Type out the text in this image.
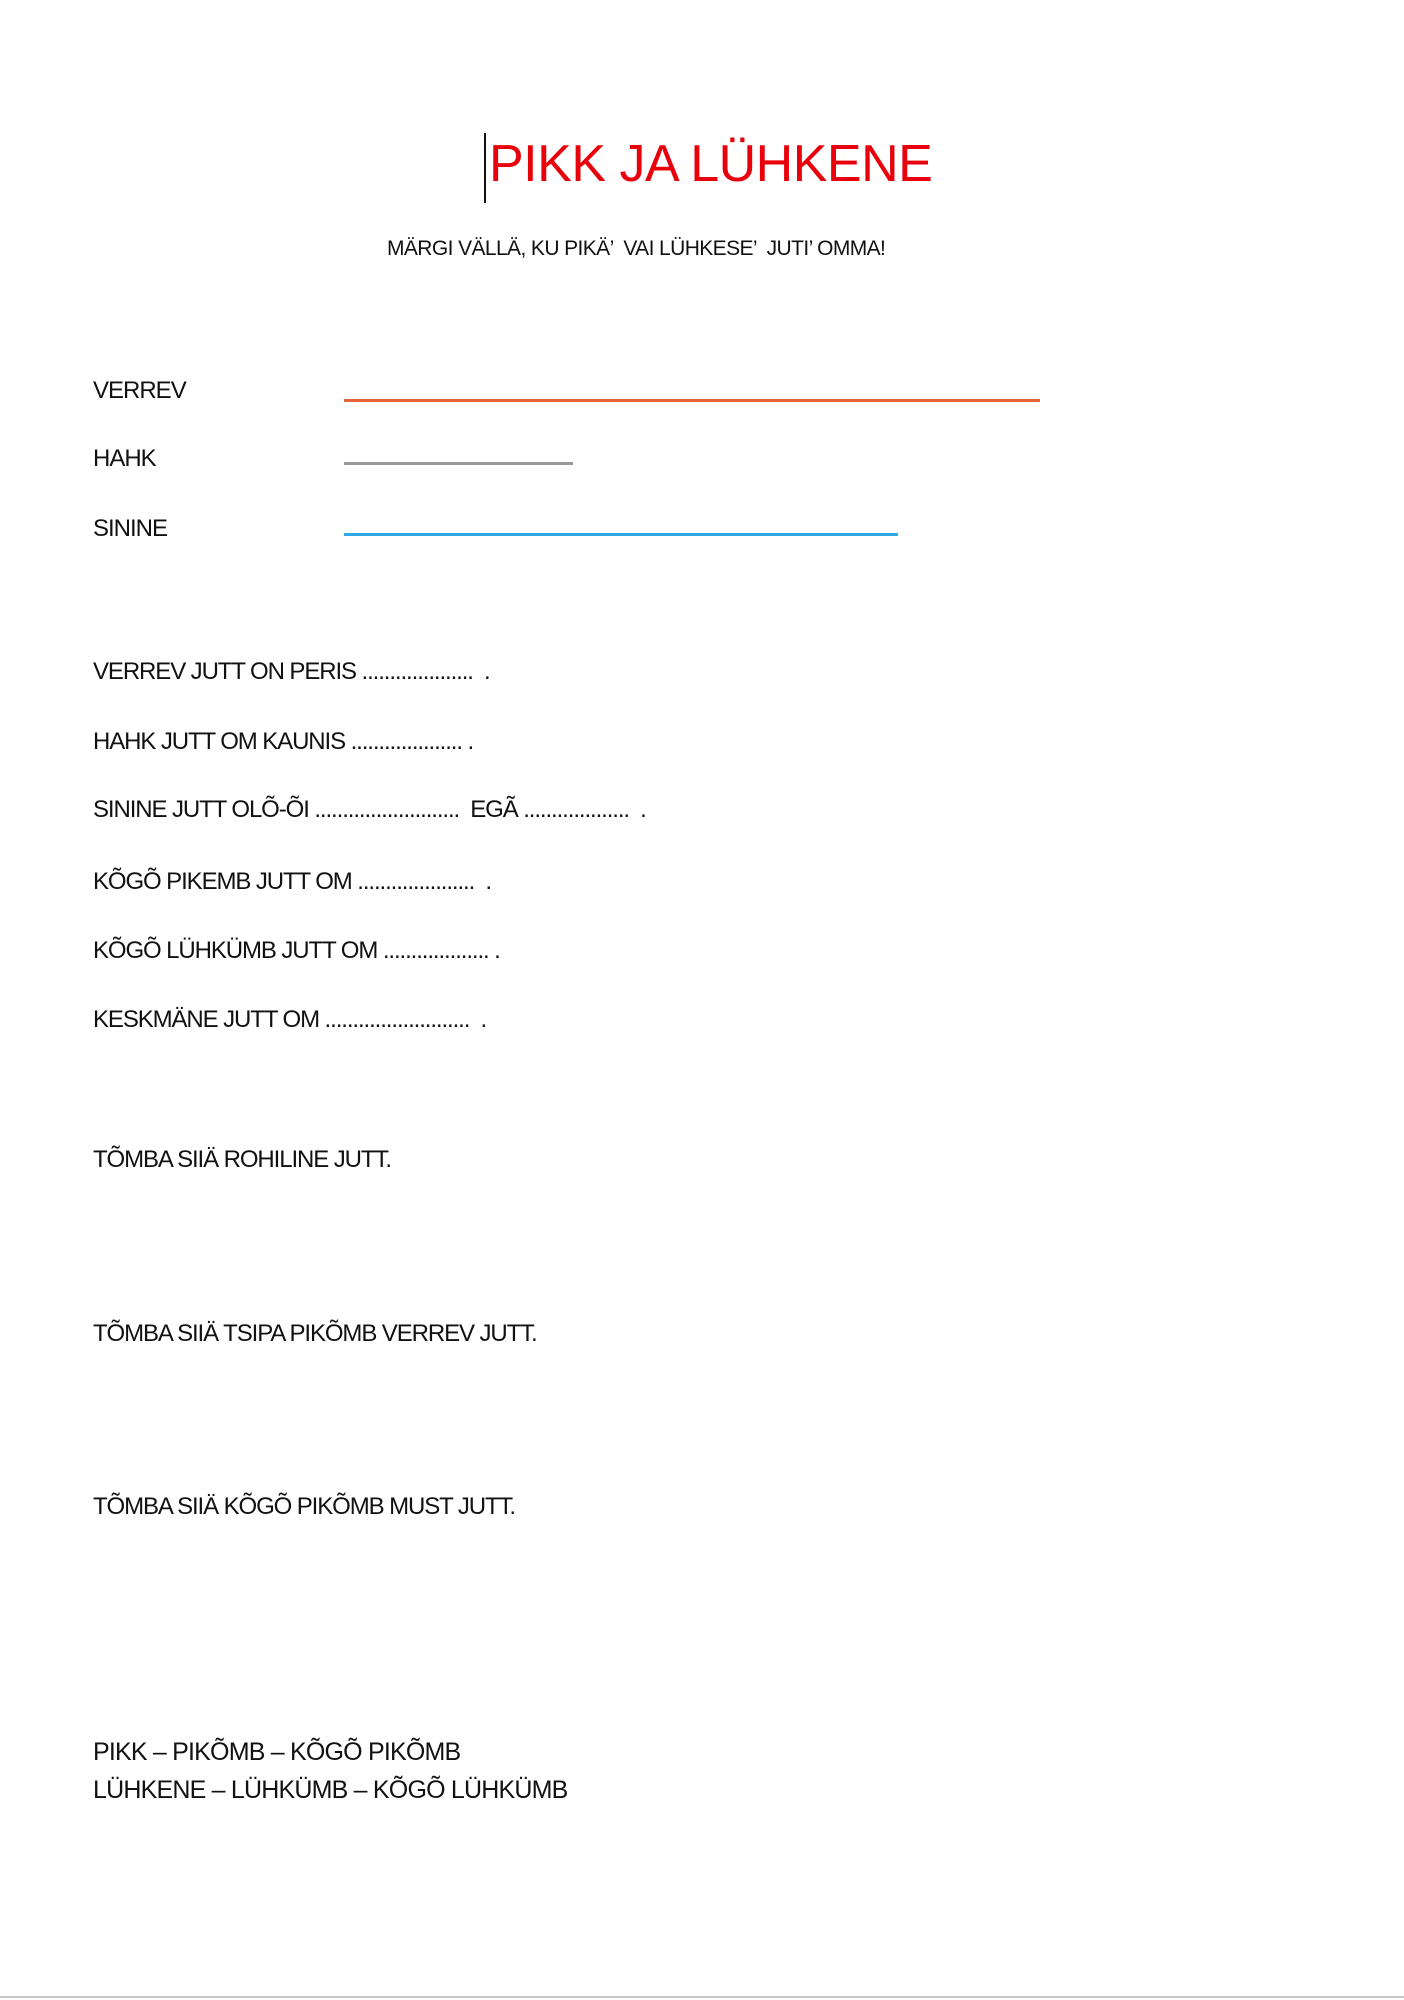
PIKK JA LÜHKENE
MÄRGI VÄLLÄ, KU PIKÄ’  VAI LÜHKESE’  JUTI’ OMMA!
VERREV
HAHK
SININE
VERREV JUTT ON PERIS ....................  .
HAHK JUTT OM KAUNIS .................... .
SININE JUTT OLÕ-ÕI ..........................  EGÃ ...................  .
KÕGÕ PIKEMB JUTT OM .....................  .
KÕGÕ LÜHKÜMB JUTT OM ................... .
KESKMÄNE JUTT OM ..........................  .
TÕMBA SIIÄ ROHILINE JUTT.
TÕMBA SIIÄ TSIPA PIKÕMB VERREV JUTT.
TÕMBA SIIÄ KÕGÕ PIKÕMB MUST JUTT.
PIKK – PIKÕMB – KÕGÕ PIKÕMB
LÜHKENE – LÜHKÜMB – KÕGÕ LÜHKÜMB
